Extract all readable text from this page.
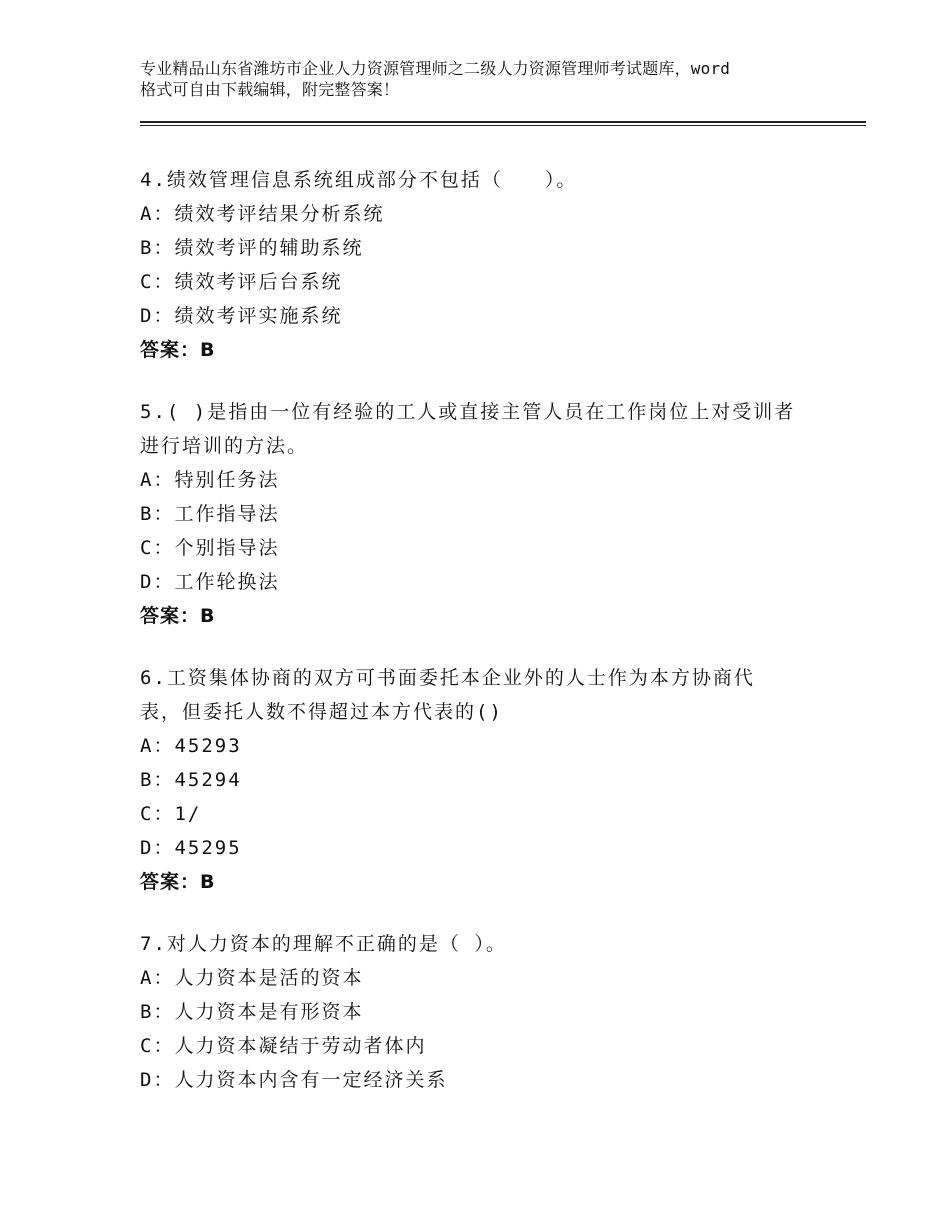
专业精品山东省潍坊市企业人力资源管理师之二级人力资源管理师考试题库，word
格式可自由下载编辑，附完整答案！

4.绩效管理信息系统组成部分不包括（　　）。

A：绩效考评结果分析系统

B：绩效考评的辅助系统

C：绩效考评后台系统

D：绩效考评实施系统

答案：B

5.( )是指由一位有经验的工人或直接主管人员在工作岗位上对受训者

进行培训的方法。

A：特别任务法

B：工作指导法

C：个别指导法

D：工作轮换法

答案：B

6.工资集体协商的双方可书面委托本企业外的人士作为本方协商代

表，但委托人数不得超过本方代表的()

A：45293

B：45294

C：1/

D：45295

答案：B

7.对人力资本的理解不正确的是（ ）。

A：人力资本是活的资本

B：人力资本是有形资本

C：人力资本凝结于劳动者体内

D：人力资本内含有一定经济关系
